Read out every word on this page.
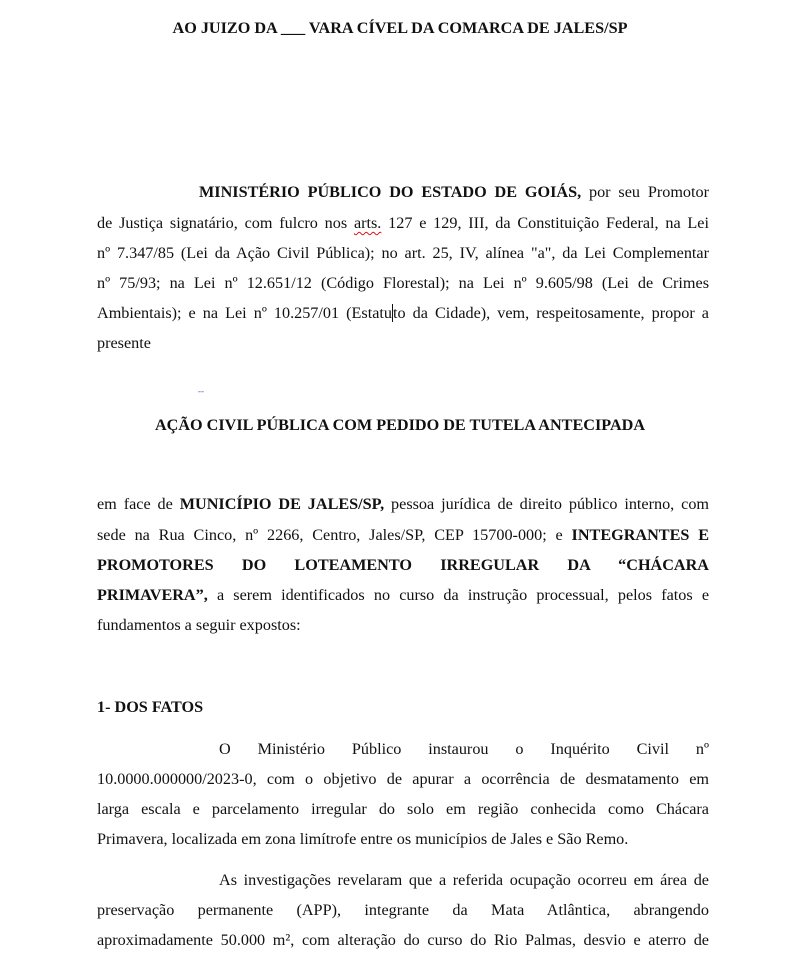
AO JUIZO DA ___ VARA CÍVEL DA COMARCA DE JALES/SP
MINISTÉRIO PÚBLICO DO ESTADO DE GOIÁS, por seu Promotor
de Justiça signatário, com fulcro nos arts. 127 e 129, III, da Constituição Federal, na Lei
nº 7.347/85 (Lei da Ação Civil Pública); no art. 25, IV, alínea "a", da Lei Complementar
nº 75/93; na Lei nº 12.651/12 (Código Florestal); na Lei nº 9.605/98 (Lei de Crimes
Ambientais); e na Lei nº 10.257/01 (Estatuto da Cidade), vem, respeitosamente, propor a
presente
--
AÇÃO CIVIL PÚBLICA COM PEDIDO DE TUTELA ANTECIPADA
em face de MUNICÍPIO DE JALES/SP, pessoa jurídica de direito público interno, com
sede na Rua Cinco, nº 2266, Centro, Jales/SP, CEP 15700-000; e INTEGRANTES E
PROMOTORES DO LOTEAMENTO IRREGULAR DA “CHÁCARA
PRIMAVERA”, a serem identificados no curso da instrução processual, pelos fatos e
fundamentos a seguir expostos:
1- DOS FATOS
O Ministério Público instaurou o Inquérito Civil nº
10.0000.000000/2023-0, com o objetivo de apurar a ocorrência de desmatamento em
larga escala e parcelamento irregular do solo em região conhecida como Chácara
Primavera, localizada em zona limítrofe entre os municípios de Jales e São Remo.
As investigações revelaram que a referida ocupação ocorreu em área de
preservação permanente (APP), integrante da Mata Atlântica, abrangendo
aproximadamente 50.000 m², com alteração do curso do Rio Palmas, desvio e aterro de
